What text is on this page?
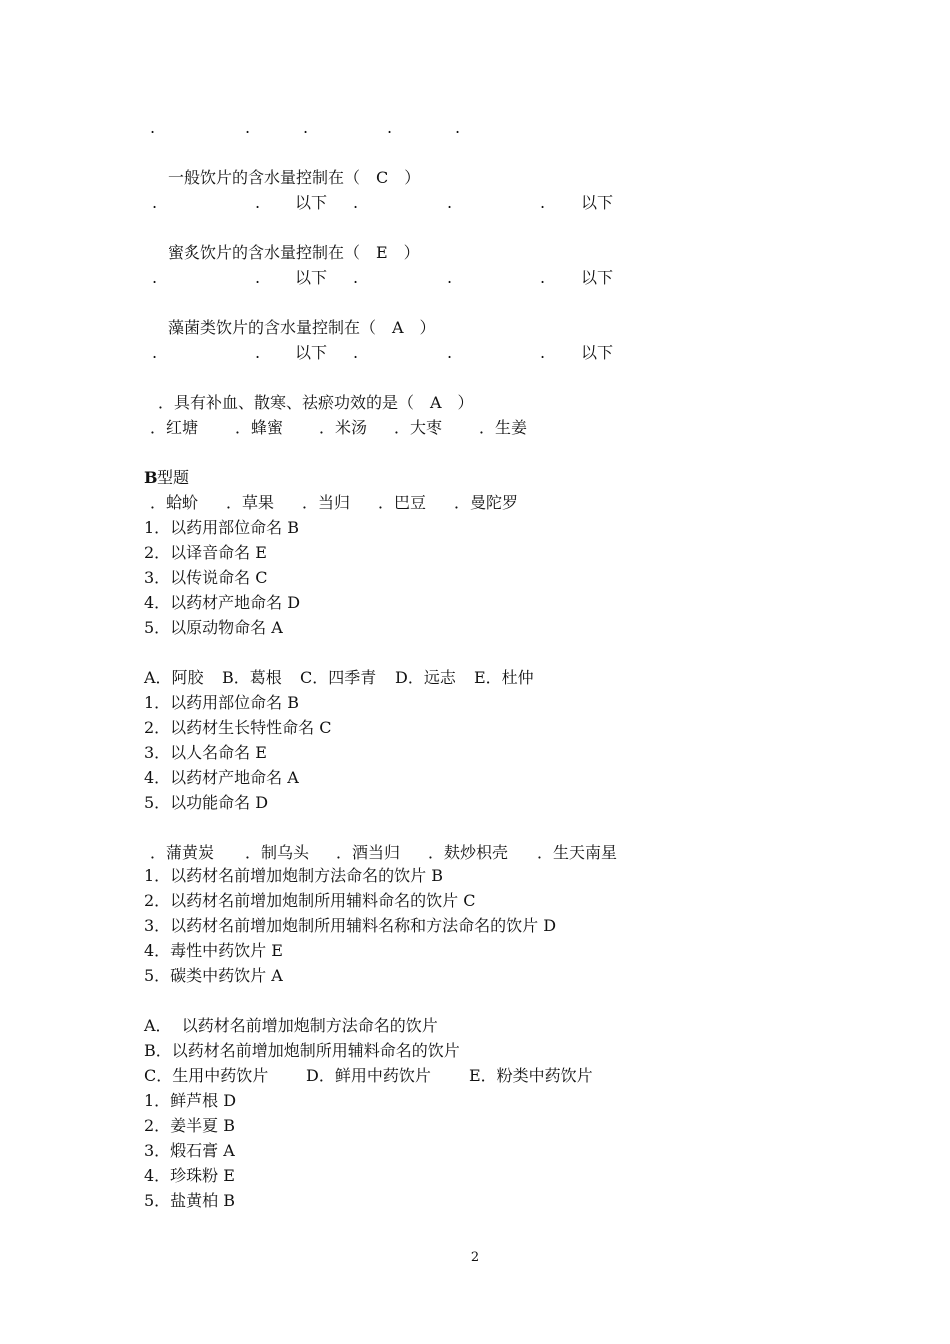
.

	.

	.

	.

	.

一般饮片的含水量控制在（　C　）

.

	.

以下

.

	.

	.

以下

蜜炙饮片的含水量控制在（　E　）

.

	.

以下

.

	.

	.

以下

藻菌类饮片的含水量控制在（　A　）

.

	.

以下

.

	.

	.

以下

．具有补血、散寒、祛瘀功效的是（　A　）

．红塘

．蜂蜜

．米汤

．大枣

．生姜

B 型题

．蛤蚧

．草果

．当归

．巴豆

．曼陀罗

1．以药用部位命名 B
2．以译音命名 E
3．以传说命名 C
4．以药材产地命名 D
5．以原动物命名 A

A．阿胶

B．葛根

C．四季青

D．远志

E．杜仲

1．以药用部位命名 B
2．以药材生长特性命名 C
3．以人名命名 E
4．以药材产地命名 A
5．以功能命名 D

．蒲黄炭

．制乌头

．酒当归

．麸炒枳壳

．生天南星

1．以药材名前增加炮制方法命名的饮片 B
2．以药材名前增加炮制所用辅料命名的饮片 C
3．以药材名前增加炮制所用辅料名称和方法命名的饮片 D
4．毒性中药饮片 E
5．碳类中药饮片 A
A．  以药材名前增加炮制方法命名的饮片
B．以药材名前增加炮制所用辅料命名的饮片

C．生用中药饮片

D．鲜用中药饮片

E．粉类中药饮片

1．鲜芦根 D
2．姜半夏 B
3．煅石膏 A
4．珍珠粉 E
5．盐黄柏 B
2
